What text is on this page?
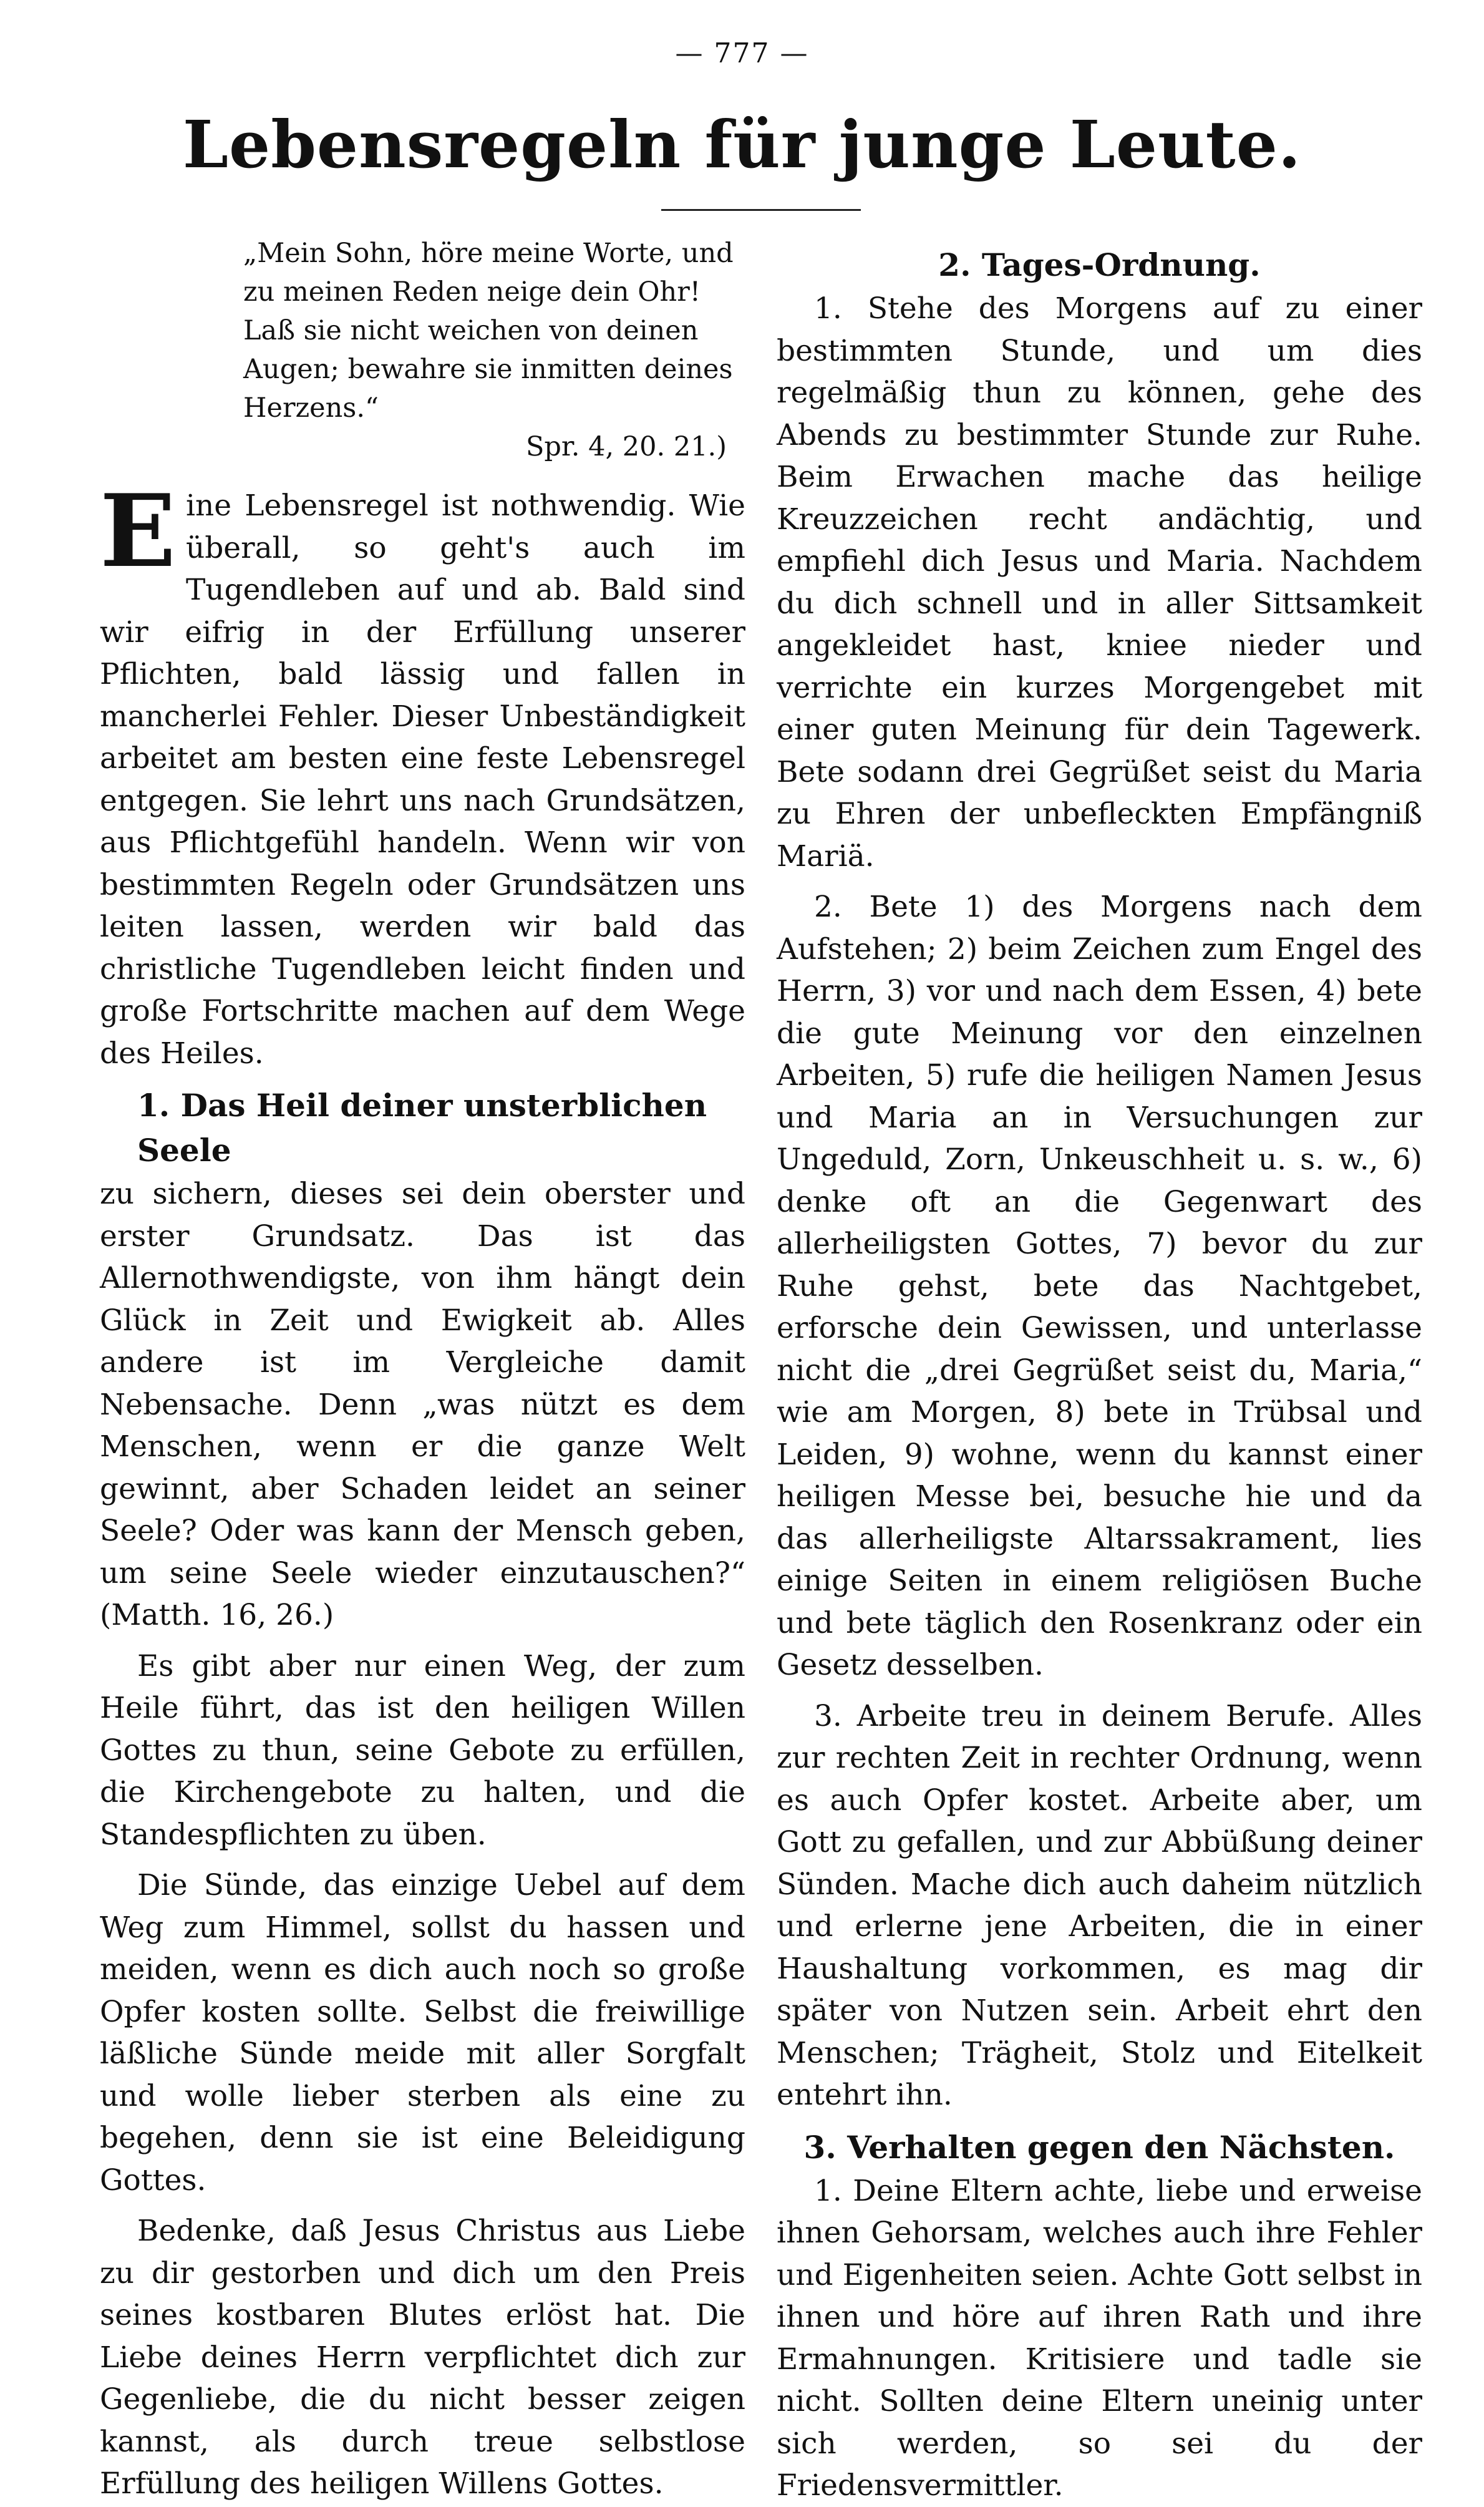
— 777 —
Lebensregeln für junge Leute.
„Mein Sohn, höre meine Worte, und zu meinen Reden neige dein Ohr! Laß sie nicht weichen von deinen Augen; bewahre sie inmitten deines Herzens.“
Spr. 4, 20. 21.)

Eine Lebensregel ist nothwendig. Wie überall, so geht's auch im Tugendleben auf und ab. Bald sind wir eifrig in der Erfüllung unserer Pflichten, bald lässig und fallen in mancherlei Fehler. Dieser Unbeständigkeit arbeitet am besten eine feste Lebensregel entgegen. Sie lehrt uns nach Grundsätzen, aus Pflichtgefühl handeln. Wenn wir von bestimmten Regeln oder Grundsätzen uns leiten lassen, werden wir bald das christliche Tugendleben leicht finden und große Fortschritte machen auf dem Wege des Heiles.

1. Das Heil deiner unsterblichen Seele

zu sichern, dieses sei dein oberster und erster Grundsatz. Das ist das Allernothwendigste, von ihm hängt dein Glück in Zeit und Ewigkeit ab. Alles andere ist im Vergleiche damit Nebensache. Denn „was nützt es dem Menschen, wenn er die ganze Welt gewinnt, aber Schaden leidet an seiner Seele? Oder was kann der Mensch geben, um seine Seele wieder einzutauschen?“ (Matth. 16, 26.)

Es gibt aber nur einen Weg, der zum Heile führt, das ist den heiligen Willen Gottes zu thun, seine Gebote zu erfüllen, die Kirchengebote zu halten, und die Standespflichten zu üben.

Die Sünde, das einzige Uebel auf dem Weg zum Himmel, sollst du hassen und meiden, wenn es dich auch noch so große Opfer kosten sollte. Selbst die freiwillige läßliche Sünde meide mit aller Sorgfalt und wolle lieber sterben als eine zu begehen, denn sie ist eine Beleidigung Gottes.

Bedenke, daß Jesus Christus aus Liebe zu dir gestorben und dich um den Preis seines kostbaren Blutes erlöst hat. Die Liebe deines Herrn verpflichtet dich zur Gegenliebe, die du nicht besser zeigen kannst, als durch treue selbstlose Erfüllung des heiligen Willens Gottes.

2. Tages-Ordnung.

1. Stehe des Morgens auf zu einer bestimmten Stunde, und um dies regelmäßig thun zu können, gehe des Abends zu bestimmter Stunde zur Ruhe. Beim Erwachen mache das heilige Kreuzzeichen recht andächtig, und empfiehl dich Jesus und Maria. Nachdem du dich schnell und in aller Sittsamkeit angekleidet hast, kniee nieder und verrichte ein kurzes Morgengebet mit einer guten Meinung für dein Tagewerk. Bete sodann drei Gegrüßet seist du Maria zu Ehren der unbefleckten Empfängniß Mariä.

2. Bete 1) des Morgens nach dem Aufstehen; 2) beim Zeichen zum Engel des Herrn, 3) vor und nach dem Essen, 4) bete die gute Meinung vor den einzelnen Arbeiten, 5) rufe die heiligen Namen Jesus und Maria an in Versuchungen zur Ungeduld, Zorn, Unkeuschheit u. s. w., 6) denke oft an die Gegenwart des allerheiligsten Gottes, 7) bevor du zur Ruhe gehst, bete das Nachtgebet, erforsche dein Gewissen, und unterlasse nicht die „drei Gegrüßet seist du, Maria,“ wie am Morgen, 8) bete in Trübsal und Leiden, 9) wohne, wenn du kannst einer heiligen Messe bei, besuche hie und da das allerheiligste Altarssakrament, lies einige Seiten in einem religiösen Buche und bete täglich den Rosenkranz oder ein Gesetz desselben.

3. Arbeite treu in deinem Berufe. Alles zur rechten Zeit in rechter Ordnung, wenn es auch Opfer kostet. Arbeite aber, um Gott zu gefallen, und zur Abbüßung deiner Sünden. Mache dich auch daheim nützlich und erlerne jene Arbeiten, die in einer Haushaltung vorkommen, es mag dir später von Nutzen sein. Arbeit ehrt den Menschen; Trägheit, Stolz und Eitelkeit entehrt ihn.

3. Verhalten gegen den Nächsten.

1. Deine Eltern achte, liebe und erweise ihnen Gehorsam, welches auch ihre Fehler und Eigenheiten seien. Achte Gott selbst in ihnen und höre auf ihren Rath und ihre Ermahnungen. Kritisiere und tadle sie nicht. Sollten deine Eltern uneinig unter sich werden, so sei du der Friedensvermittler.
